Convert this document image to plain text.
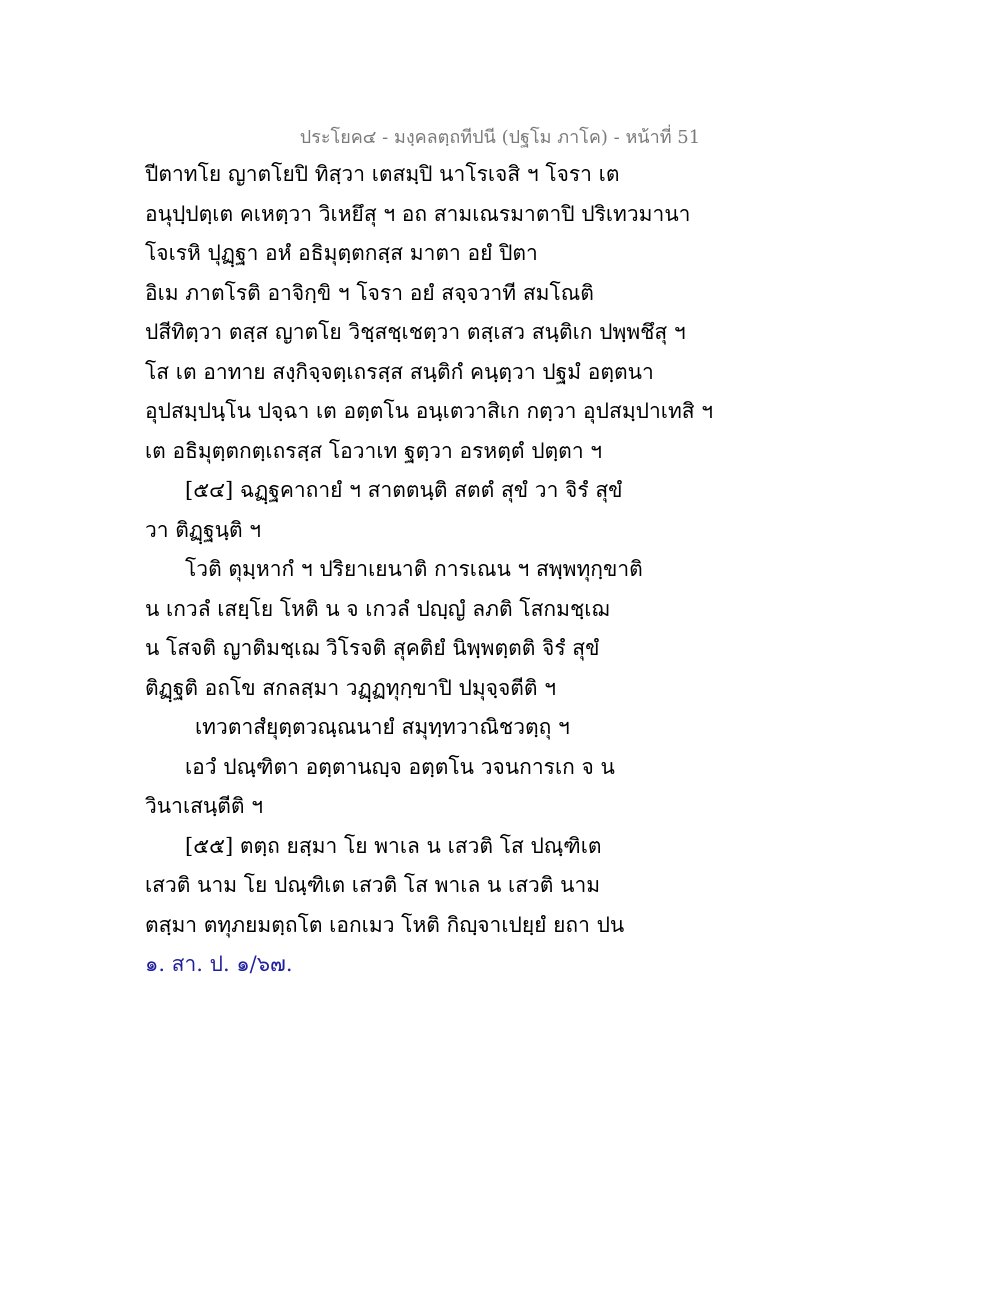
ประโยค๔ - มงฺคลตฺถทีปนี (ปฐโม ภาโค) - หน้าที่ 51
ปีตาทโย ญาตโยปิ ทิสฺวา เตสมฺปิ นาโรเจสิ ฯ โจรา เต
อนุปฺปตฺเต คเหตฺวา วิเหยึสุ ฯ อถ สามเณรมาตาปิ ปริเทวมานา
โจเรหิ ปุฏฺฐา อหํ อธิมุตฺตกสฺส มาตา อยํ ปิตา
อิเม ภาตโรติ อาจิกฺขิ ฯ โจรา อยํ สจฺจวาที สมโณติ
ปสีทิตฺวา ตสฺส ญาตโย วิชฺสชฺเชตฺวา ตสฺเสว สนฺติเก ปพฺพชึสุ ฯ
โส เต อาทาย สงฺกิจฺจตฺเถรสฺส สนฺติกํ คนฺตฺวา ปฐมํ อตฺตนา
อุปสมฺปนฺโน ปจฺฉา เต อตฺตโน อนฺเตวาสิเก กตฺวา อุปสมฺปาเทสิ ฯ
เต อธิมุตฺตกตฺเถรสฺส โอวาเท ฐตฺวา อรหตฺตํ ปตฺตา ฯ
[๕๔] ฉฏฺฐคาถายํ ฯ สาตตนฺติ สตตํ สุขํ วา จิรํ สุขํ
วา ติฏฺฐนฺติ ฯ
โวติ ตุมฺหากํ ฯ ปริยาเยนาติ การเณน ฯ สพฺพทุกฺขาติ
น เกวลํ เสยฺโย โหติ น จ เกวลํ ปญฺญํ ลภติ โสกมชฺเฌ
น โสจติ ญาติมชฺเฌ วิโรจติ สุคติยํ นิพฺพตฺตติ จิรํ สุขํ
ติฏฺฐติ อถโข สกลสฺมา วฏฺฏทุกฺขาปิ ปมุจฺจตีติ ฯ
เทวตาสํยุตฺตวณฺณนายํ สมุทฺทวาณิชวตฺถุ ฯ
เอวํ ปณฺฑิตา อตฺตานญฺจ อตฺตโน วจนการเก จ น
วินาเสนฺตีติ ฯ
[๕๕] ตตฺถ ยสฺมา โย พาเล น เสวติ โส ปณฺฑิเต
เสวติ นาม โย ปณฺฑิเต เสวติ โส พาเล น เสวติ นาม
ตสฺมา ตทุภยมตฺถโต เอกเมว โหติ กิญฺจาเปยฺยํ ยถา ปน
๑. สา. ป. ๑/๖๗.
